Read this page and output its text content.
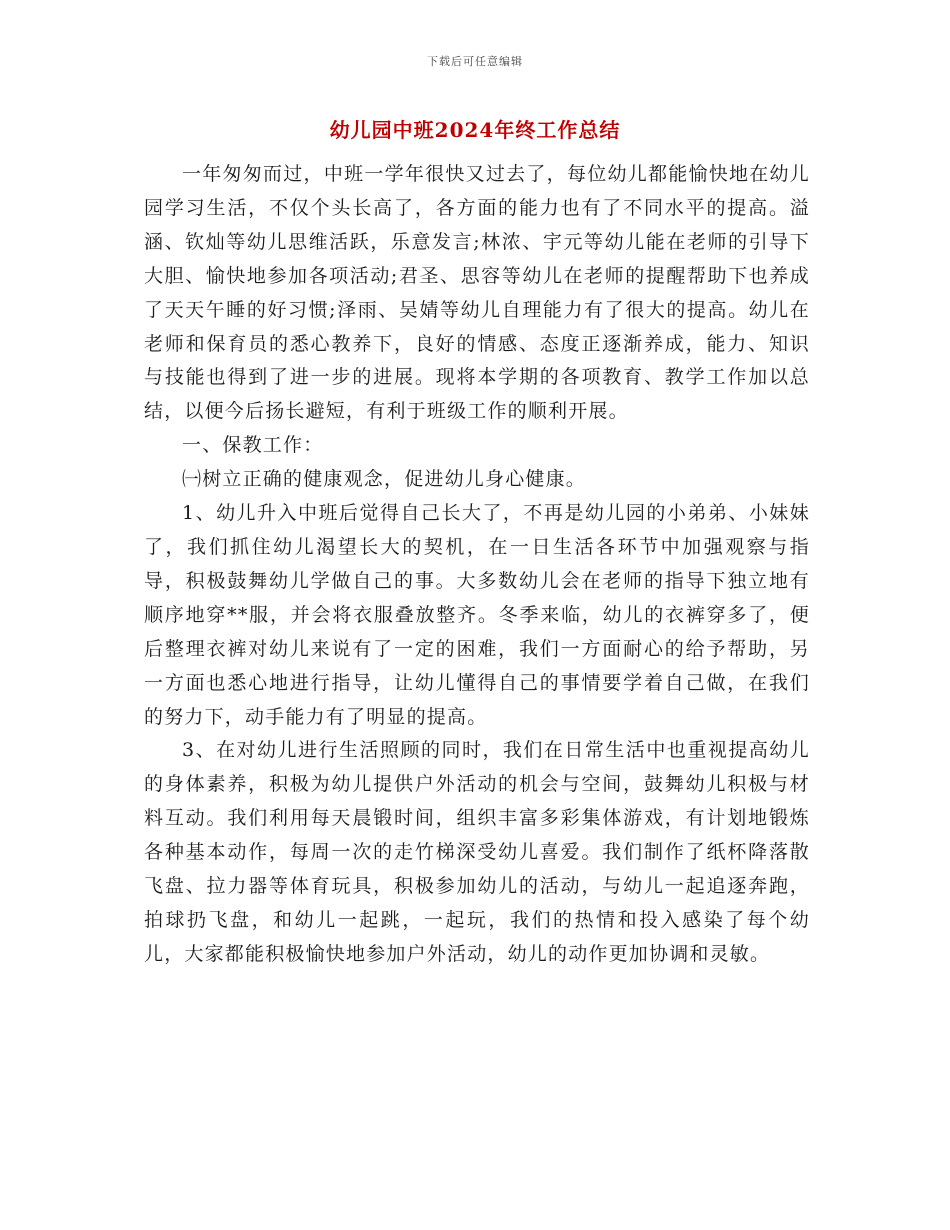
下载后可任意编辑
幼儿园中班2024年终工作总结

一年匆匆而过，中班一学年很快又过去了，每位幼儿都能愉快地在幼儿园学习生活，不仅个头长高了，各方面的能力也有了不同水平的提高。溢涵、钦灿等幼儿思维活跃，乐意发言;林浓、宇元等幼儿能在老师的引导下大胆、愉快地参加各项活动;君圣、思容等幼儿在老师的提醒帮助下也养成了天天午睡的好习惯;泽雨、吴婧等幼儿自理能力有了很大的提高。幼儿在老师和保育员的悉心教养下，良好的情感、态度正逐渐养成，能力、知识与技能也得到了进一步的进展。现将本学期的各项教育、教学工作加以总结，以便今后扬长避短，有利于班级工作的顺利开展。

一、保教工作：

㈠树立正确的健康观念，促进幼儿身心健康。

1、幼儿升入中班后觉得自己长大了，不再是幼儿园的小弟弟、小妹妹了，我们抓住幼儿渴望长大的契机，在一日生活各环节中加强观察与指导，积极鼓舞幼儿学做自己的事。大多数幼儿会在老师的指导下独立地有顺序地穿**服，并会将衣服叠放整齐。冬季来临，幼儿的衣裤穿多了，便后整理衣裤对幼儿来说有了一定的困难，我们一方面耐心的给予帮助，另一方面也悉心地进行指导，让幼儿懂得自己的事情要学着自己做，在我们的努力下，动手能力有了明显的提高。

3、在对幼儿进行生活照顾的同时，我们在日常生活中也重视提高幼儿的身体素养，积极为幼儿提供户外活动的机会与空间，鼓舞幼儿积极与材料互动。我们利用每天晨锻时间，组织丰富多彩集体游戏，有计划地锻炼各种基本动作，每周一次的走竹梯深受幼儿喜爱。我们制作了纸杯降落散飞盘、拉力器等体育玩具，积极参加幼儿的活动，与幼儿一起追逐奔跑，拍球扔飞盘，和幼儿一起跳，一起玩，我们的热情和投入感染了每个幼儿，大家都能积极愉快地参加户外活动，幼儿的动作更加协调和灵敏。
